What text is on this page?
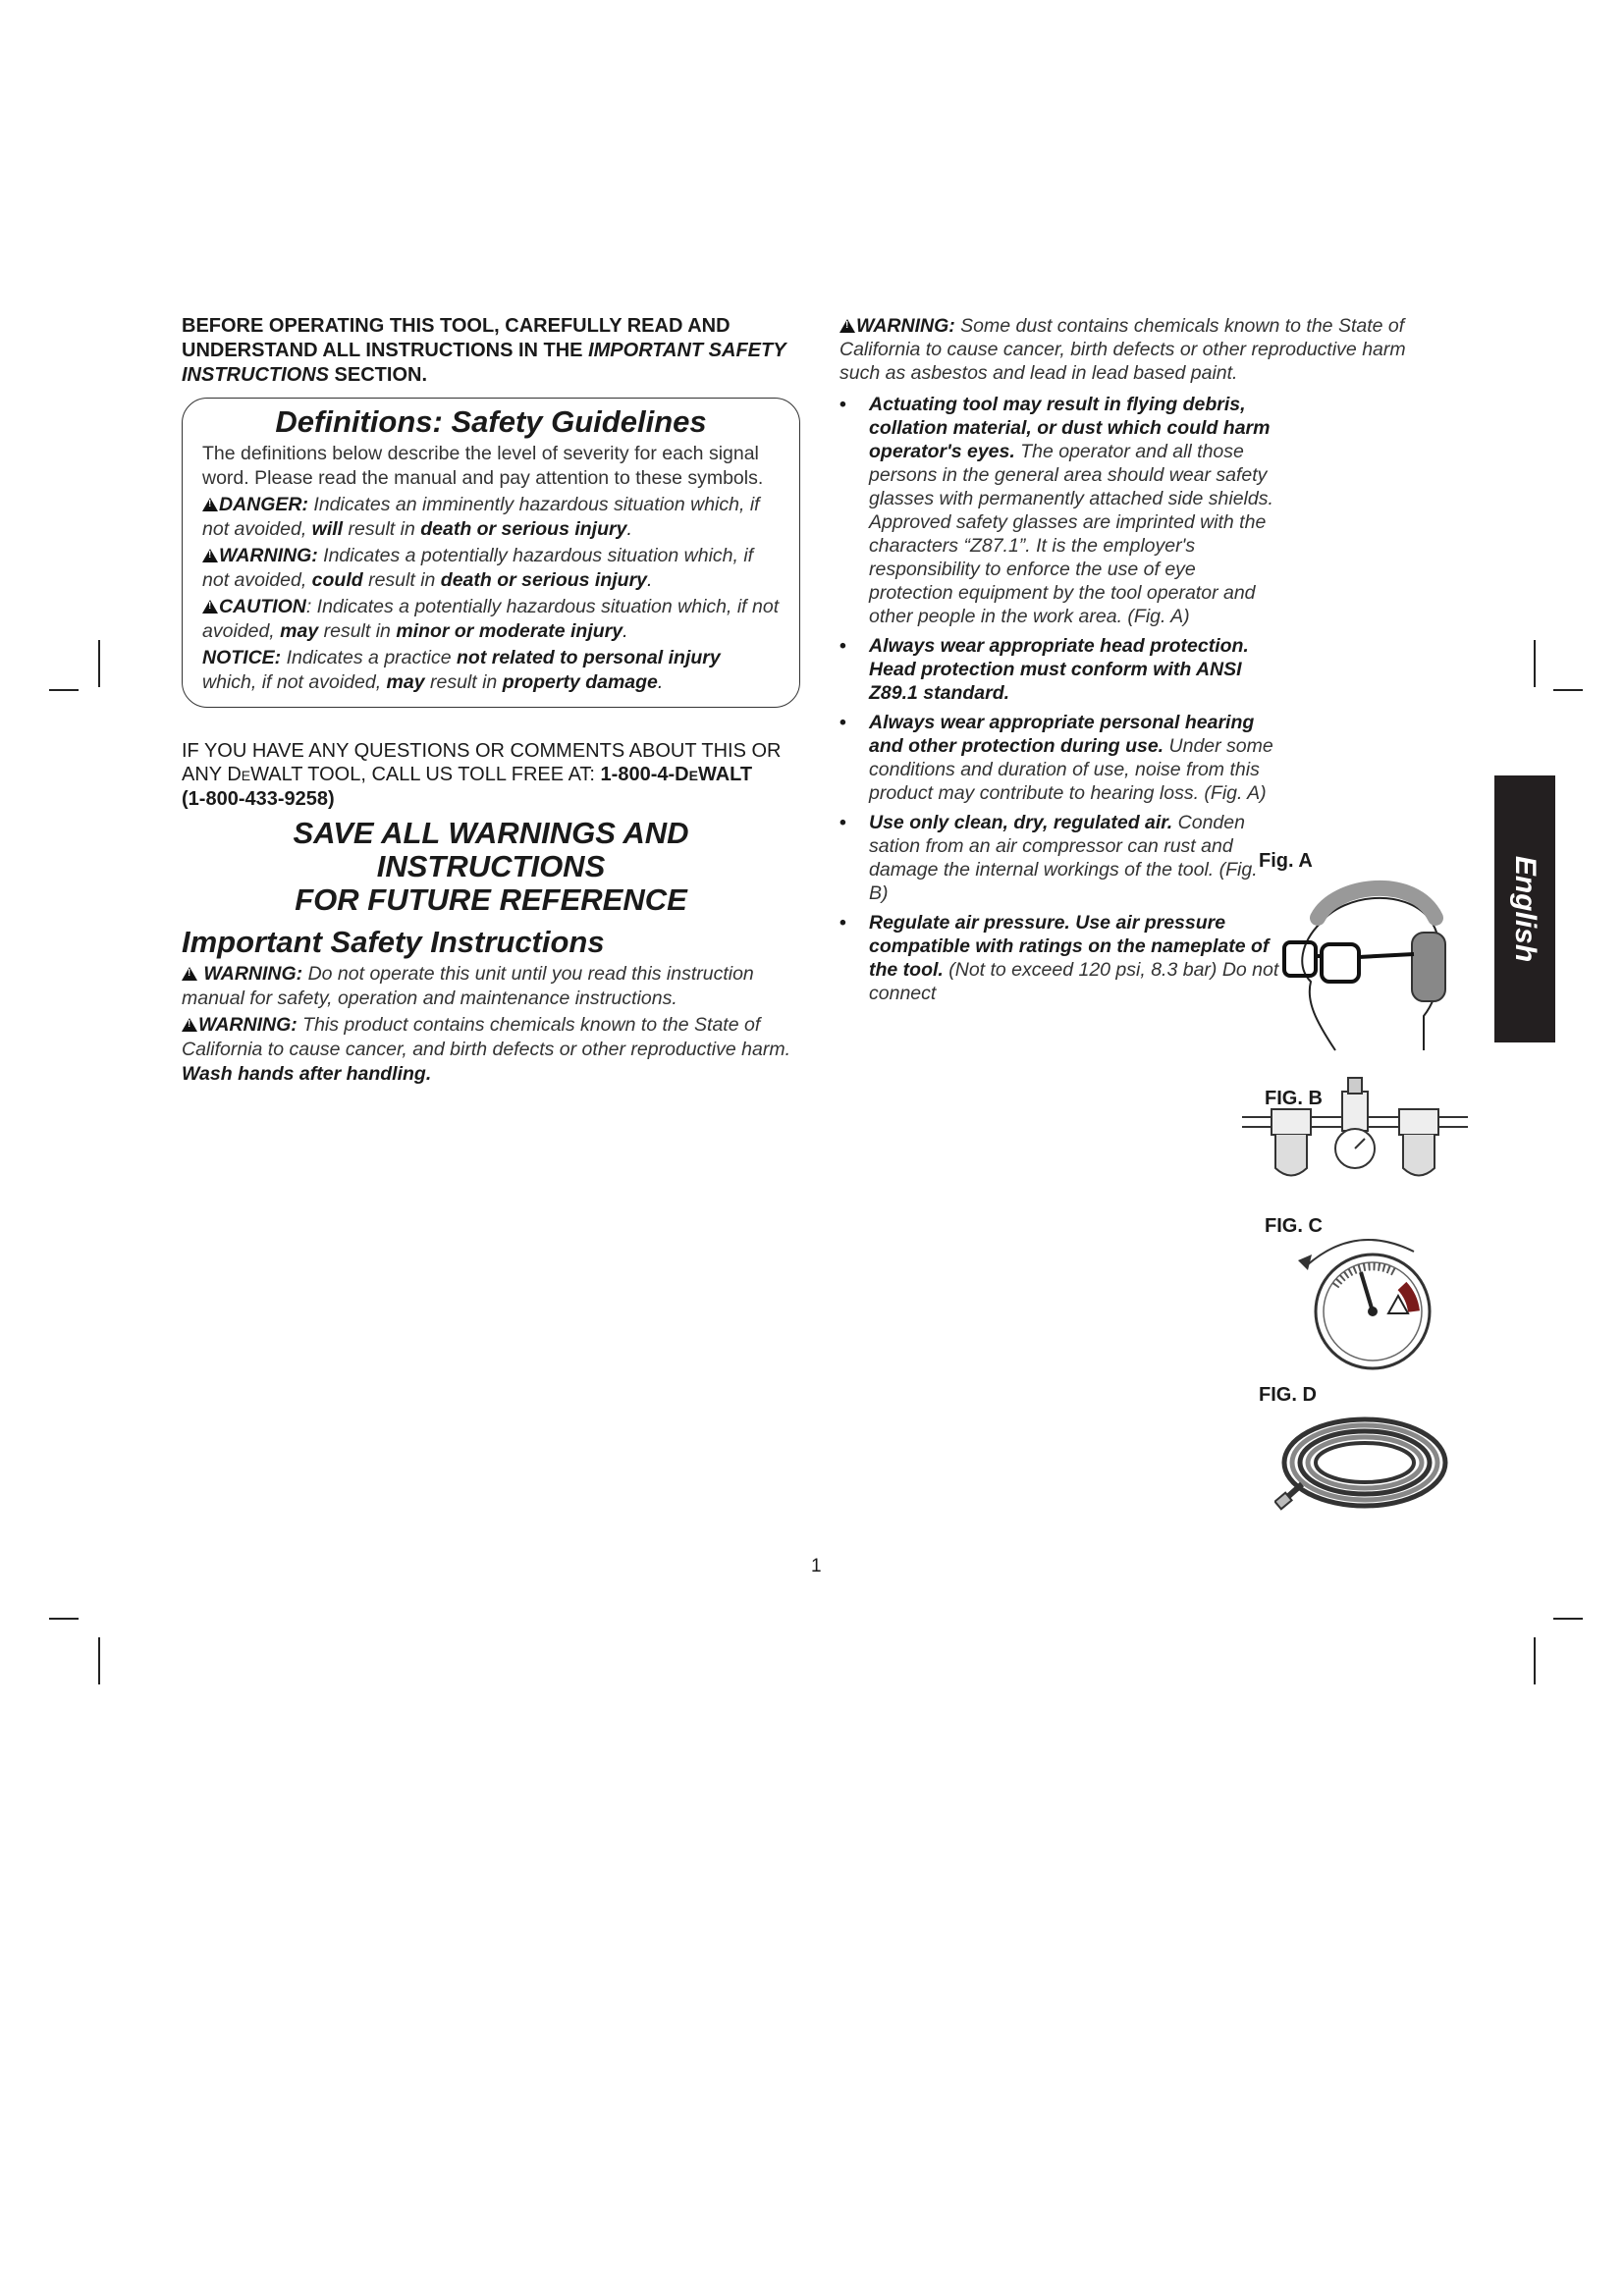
BEFORE OPERATING THIS TOOL, CAREFULLY READ AND UNDERSTAND ALL INSTRUCTIONS IN THE IMPORTANT SAFETY INSTRUCTIONS SECTION.

Definitions: Safety Guidelines

The definitions below describe the level of severity for each signal word. Please read the manual and pay attention to these symbols.

!DANGER: Indicates an imminently hazardous situation which, if not avoided, will result in death or serious injury.

!WARNING: Indicates a potentially hazardous situation which, if not avoided, could result in death or serious injury.

!CAUTION: Indicates a potentially hazardous situation which, if not avoided, may result in minor or moderate injury.

NOTICE: Indicates a practice not related to personal injury which, if not avoided, may result in property damage.

IF YOU HAVE ANY QUESTIONS OR COMMENTS ABOUT THIS OR ANY DEWALT TOOL, CALL US TOLL FREE AT: 1-800-4-DEWALT
(1-800-433-9258)

SAVE ALL WARNINGS AND INSTRUCTIONS
FOR FUTURE REFERENCE

Important Safety Instructions

! WARNING: Do not operate this unit until you read this instruction manual for safety, operation and maintenance instructions.

!WARNING: This product contains chemicals known to the State of California to cause cancer, and birth defects or other reproductive harm. Wash hands after handling.

!WARNING: Some dust contains chemicals known to the State of California to cause cancer, birth defects or other reproductive harm such as asbestos and lead in lead based paint.

• Actuating tool may result in flying debris, collation material, or dust which could harm operator's eyes. The operator and all those persons in the general area should wear safety glasses with permanently attached side shields. Approved safety glasses are imprinted with the characters “Z87.1”. It is the employer's responsibility to enforce the use of eye protection equipment by the tool operator and other people in the work area. (Fig. A)
• Always wear appropriate head protection. Head protection must conform with ANSI Z89.1 standard.
• Always wear appropriate personal hearing and other protection during use. Under some conditions and duration of use, noise from this product may contribute to hearing loss. (Fig. A)
• Use only clean, dry, regulated air. Conden sation from an air compressor can rust and damage the internal workings of the tool. (Fig. B)
• Regulate air pressure. Use air pressure compatible with ratings on the nameplate of the tool. (Not to exceed 120 psi, 8.3 bar) Do not connect
Fig. A
FIG. B
FIG. C
FIG. D
English
1
